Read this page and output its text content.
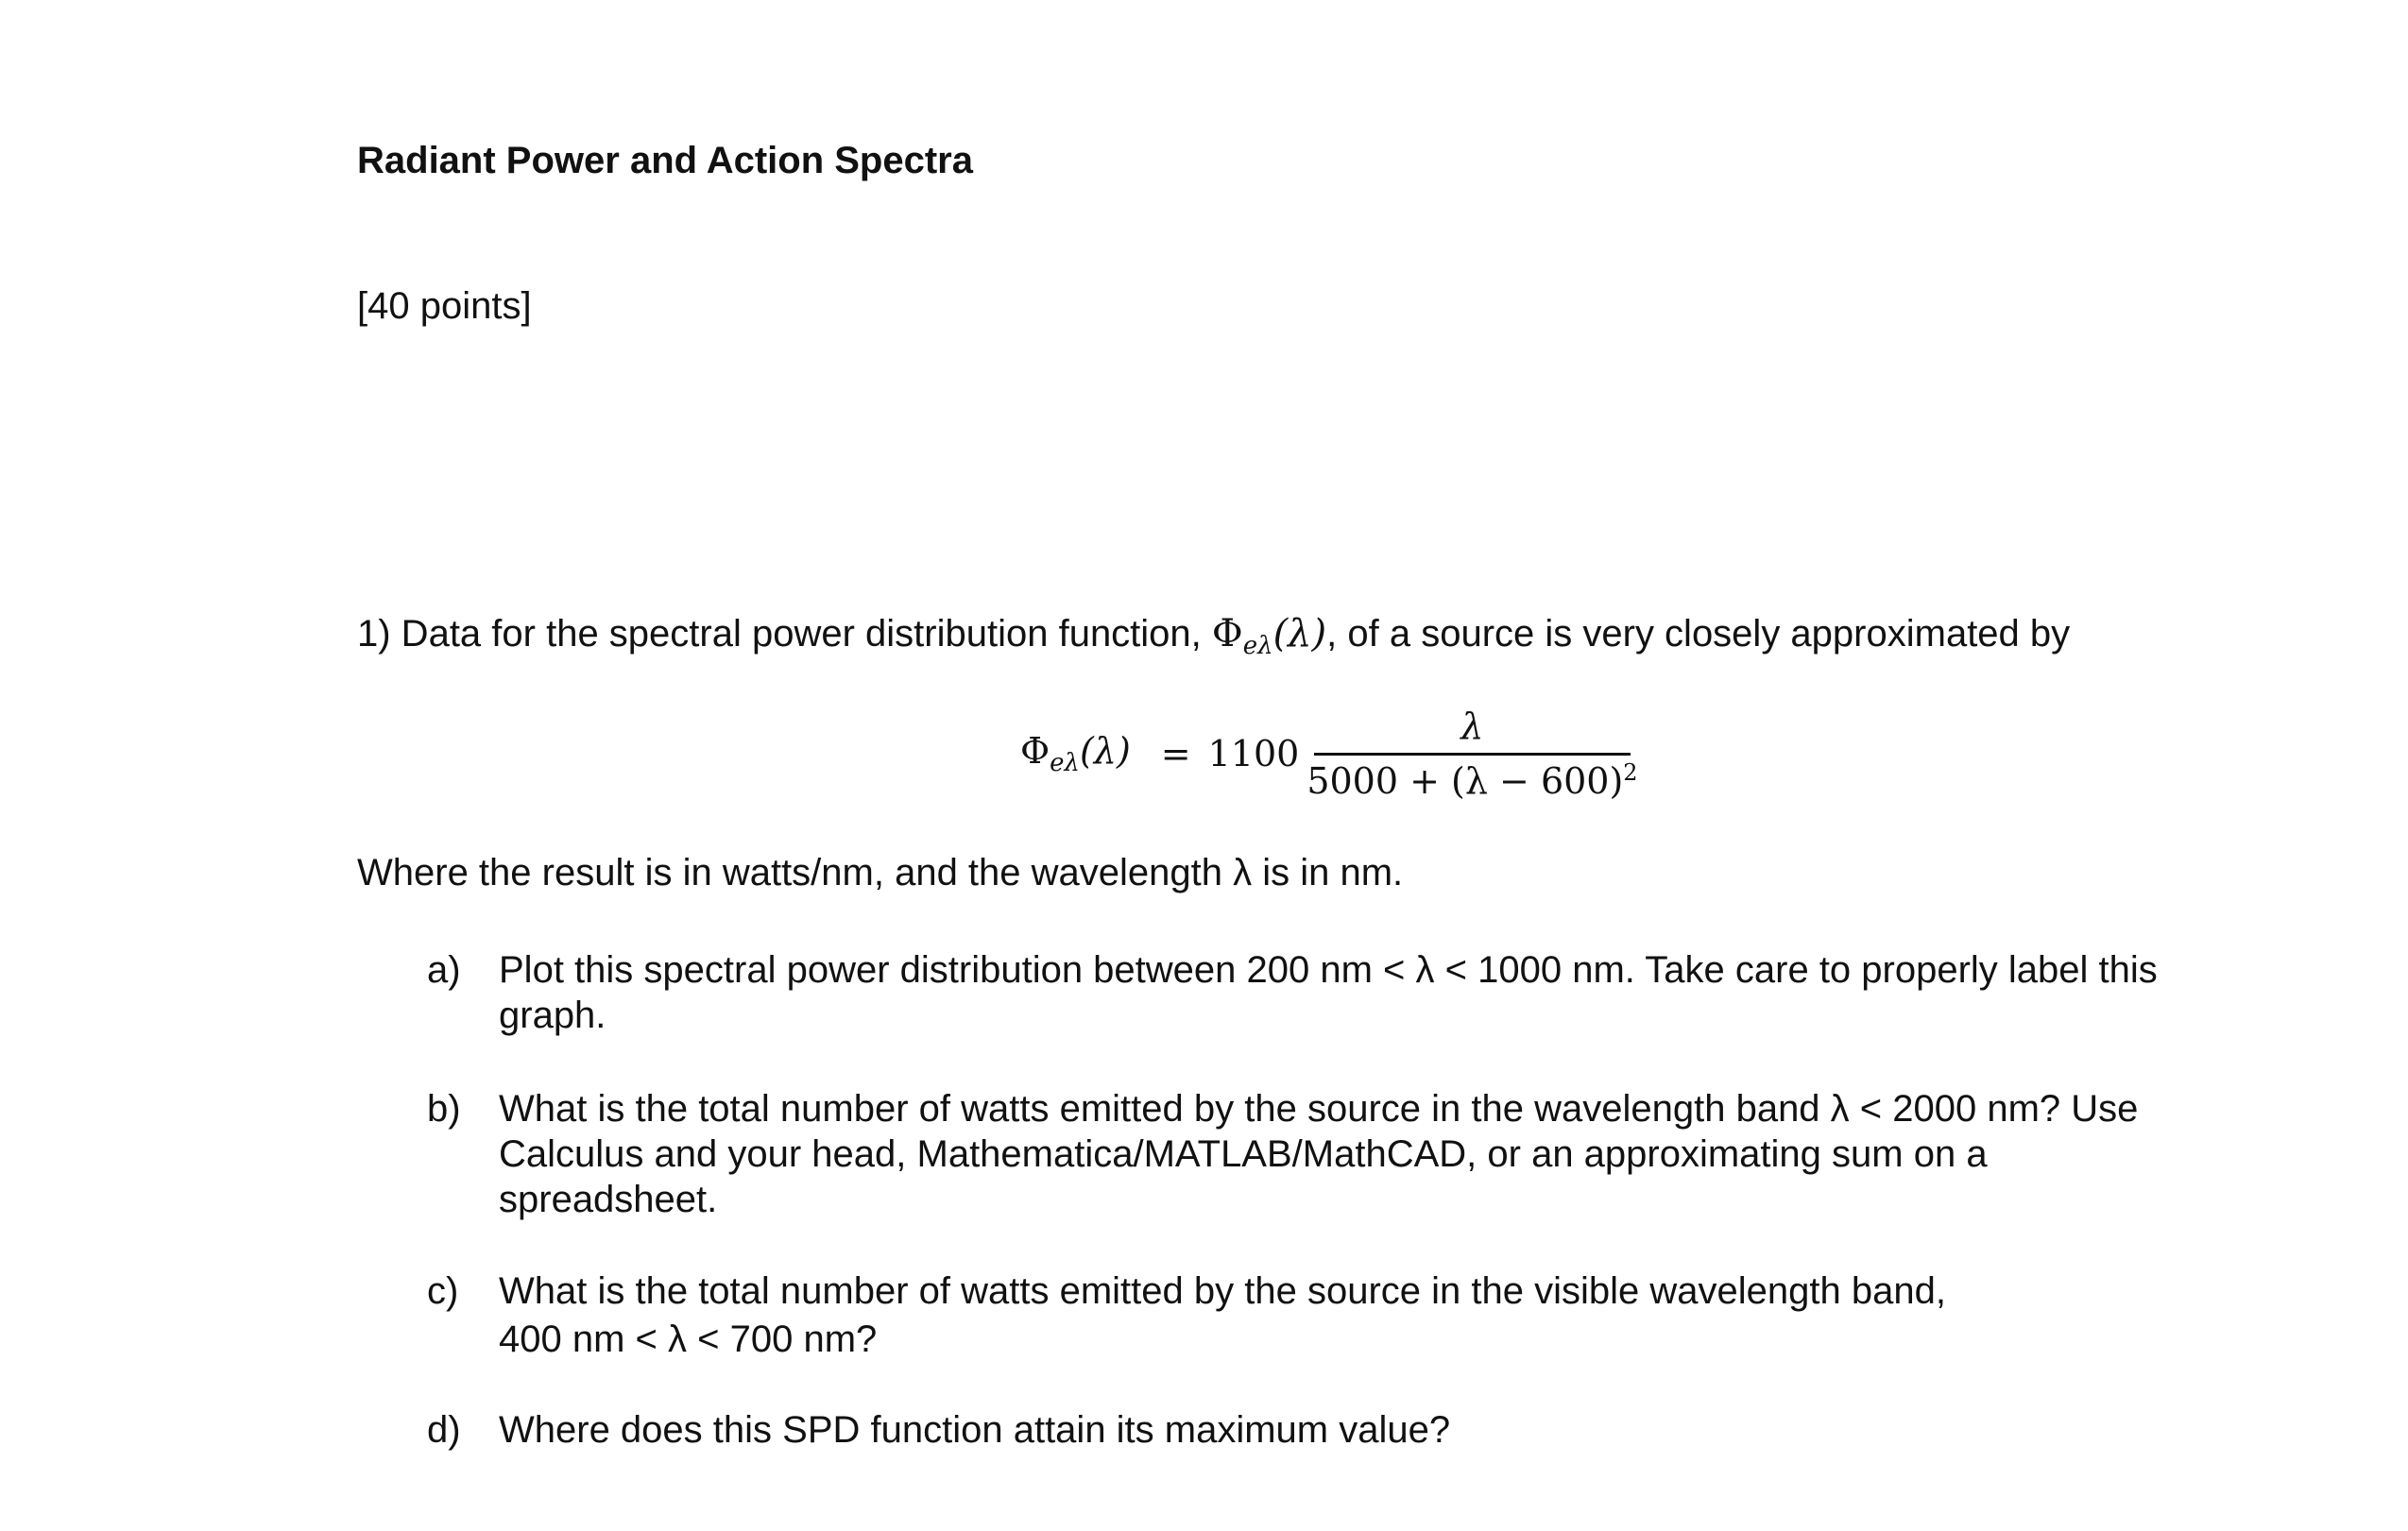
Radiant Power and Action Spectra
[40 points]
1) Data for the spectral power distribution function, $\Phi_{e\lambda}(\lambda)$, of a source is very closely approximated by
$\Phi_{e\lambda}(\lambda) = 1100 \frac{\lambda}{5000 + (\lambda - 600)^2}$
Where the result is in watts/nm, and the wavelength λ is in nm.
a)	Plot this spectral power distribution between 200 nm < λ < 1000 nm. Take care to properly label this
graph.
b)	What is the total number of watts emitted by the source in the wavelength band λ < 2000 nm? Use
Calculus and your head, Mathematica/MATLAB/MathCAD, or an approximating sum on a
spreadsheet.
c)	What is the total number of watts emitted by the source in the visible wavelength band,
400 nm < λ < 700 nm?
d)	Where does this SPD function attain its maximum value?
